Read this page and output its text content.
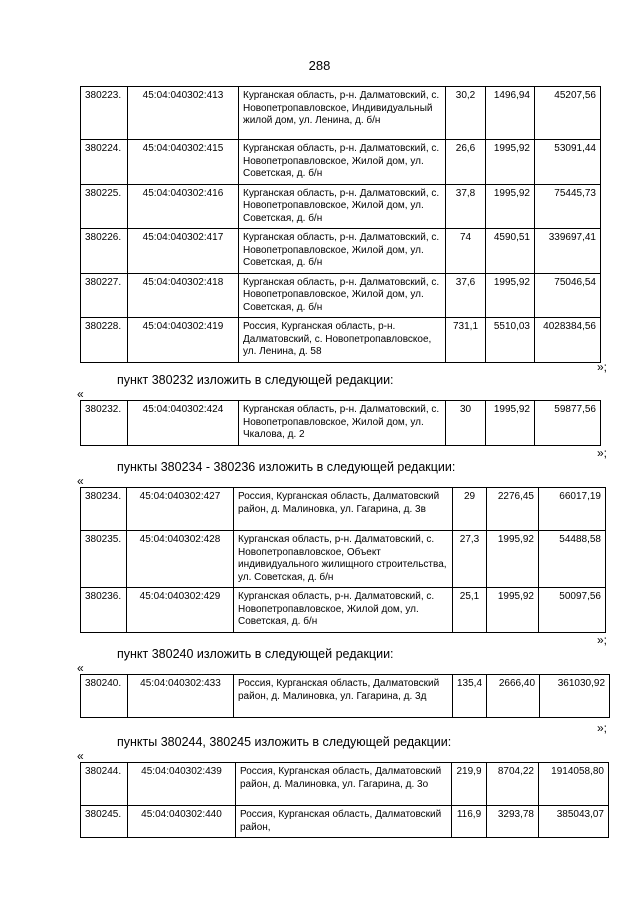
288
380223.	45:04:040302:413	Курганская область, р-н. Далматовский, с. Новопетропавловское, Индивидуальный жилой дом, ул. Ленина, д. б/н	30,2	1496,94	45207,56
380224.	45:04:040302:415	Курганская область, р-н. Далматовский, с. Новопетропавловское, Жилой дом, ул. Советская, д. б/н	26,6	1995,92	53091,44
380225.	45:04:040302:416	Курганская область, р-н. Далматовский, с. Новопетропавловское, Жилой дом, ул. Советская, д. б/н	37,8	1995,92	75445,73
380226.	45:04:040302:417	Курганская область, р-н. Далматовский, с. Новопетропавловское, Жилой дом, ул. Советская, д. б/н	74	4590,51	339697,41
380227.	45:04:040302:418	Курганская область, р-н. Далматовский, с. Новопетропавловское, Жилой дом, ул. Советская, д. б/н	37,6	1995,92	75046,54
380228.	45:04:040302:419	Россия, Курганская область, р-н. Далматовский, с. Новопетропавловское, ул. Ленина, д. 58	731,1	5510,03	4028384,56
»;
пункт 380232 изложить в следующей редакции:
«
380232.	45:04:040302:424	Курганская область, р-н. Далматовский, с. Новопетропавловское, Жилой дом, ул. Чкалова, д. 2	30	1995,92	59877,56
»;
пункты 380234 - 380236 изложить в следующей редакции:
«
380234.	45:04:040302:427	Россия, Курганская область, Далматовский район, д. Малиновка, ул. Гагарина, д. 3в	29	2276,45	66017,19
380235.	45:04:040302:428	Курганская область, р-н. Далматовский, с. Новопетропавловское, Объект индивидуального жилищного строительства, ул. Советская, д. б/н	27,3	1995,92	54488,58
380236.	45:04:040302:429	Курганская область, р-н. Далматовский, с. Новопетропавловское, Жилой дом, ул. Советская, д. б/н	25,1	1995,92	50097,56
»;
пункт 380240 изложить в следующей редакции:
«
380240.	45:04:040302:433	Россия, Курганская область, Далматовский район, д. Малиновка, ул. Гагарина, д. 3д	135,4	2666,40	361030,92
»;
пункты 380244, 380245 изложить в следующей редакции:
«
380244.	45:04:040302:439	Россия, Курганская область, Далматовский район, д. Малиновка, ул. Гагарина, д. 3о	219,9	8704,22	1914058,80
380245.	45:04:040302:440	Россия, Курганская область, Далматовский район,	116,9	3293,78	385043,07
